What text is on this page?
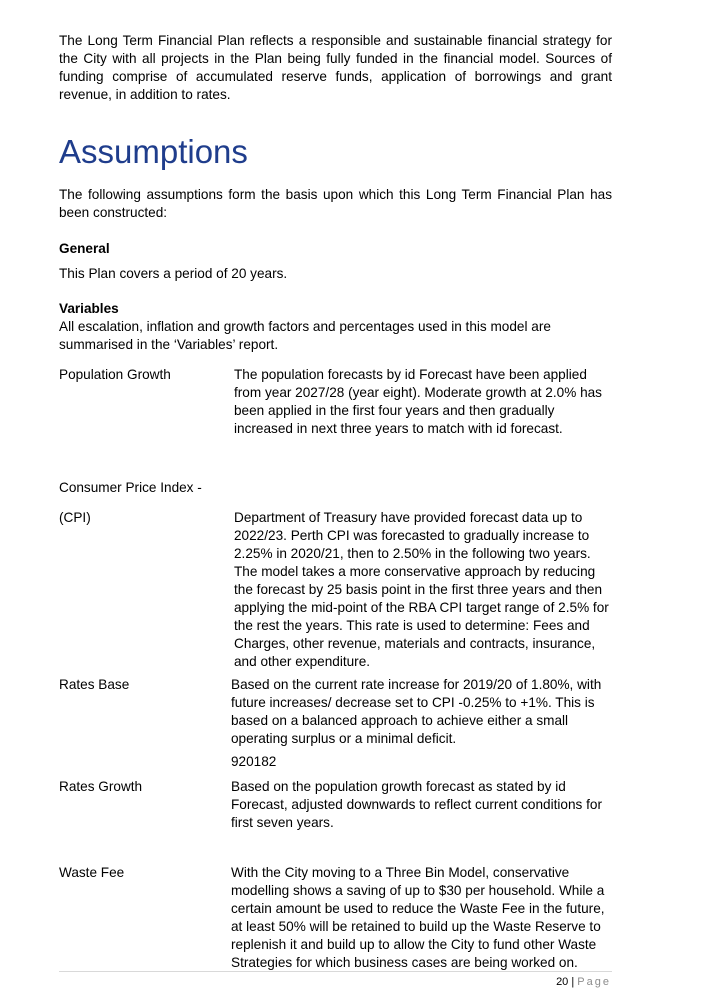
The Long Term Financial Plan reflects a responsible and sustainable financial strategy for the City with all projects in the Plan being fully funded in the financial model. Sources of funding comprise of accumulated reserve funds, application of borrowings and grant revenue, in addition to rates.

Assumptions

The following assumptions form the basis upon which this Long Term Financial Plan has been constructed:

General

This Plan covers a period of 20 years.

Variables

All escalation, inflation and growth factors and percentages used in this model are summarised in the ‘Variables’ report.

Population Growth	The population forecasts by id Forecast have been applied from year 2027/28 (year eight). Moderate growth at 2.0% has been applied in the first four years and then gradually increased in next three years to match with id forecast.

Consumer Price Index -

(CPI)	Department of Treasury have provided forecast data up to 2022/23. Perth CPI was forecasted to gradually increase to 2.25% in 2020/21, then to 2.50% in the following two years. The model takes a more conservative approach by reducing the forecast by 25 basis point in the first three years and then applying the mid-point of the RBA CPI target range of 2.5% for the rest the years. This rate is used to determine: Fees and Charges, other revenue, materials and contracts, insurance, and other expenditure.

Rates Base	Based on the current rate increase for 2019/20 of 1.80%, with future increases/ decrease set to CPI -0.25% to +1%. This is based on a balanced approach to achieve either a small operating surplus or a minimal deficit.

920182

Rates Growth	Based on the population growth forecast as stated by id Forecast, adjusted downwards to reflect current conditions for first seven years.

Waste Fee	With the City moving to a Three Bin Model, conservative modelling shows a saving of up to $30 per household. While a certain amount be used to reduce the Waste Fee in the future, at least 50% will be retained to build up the Waste Reserve to replenish it and build up to allow the City to fund other Waste Strategies for which business cases are being worked on.

20 | Page
